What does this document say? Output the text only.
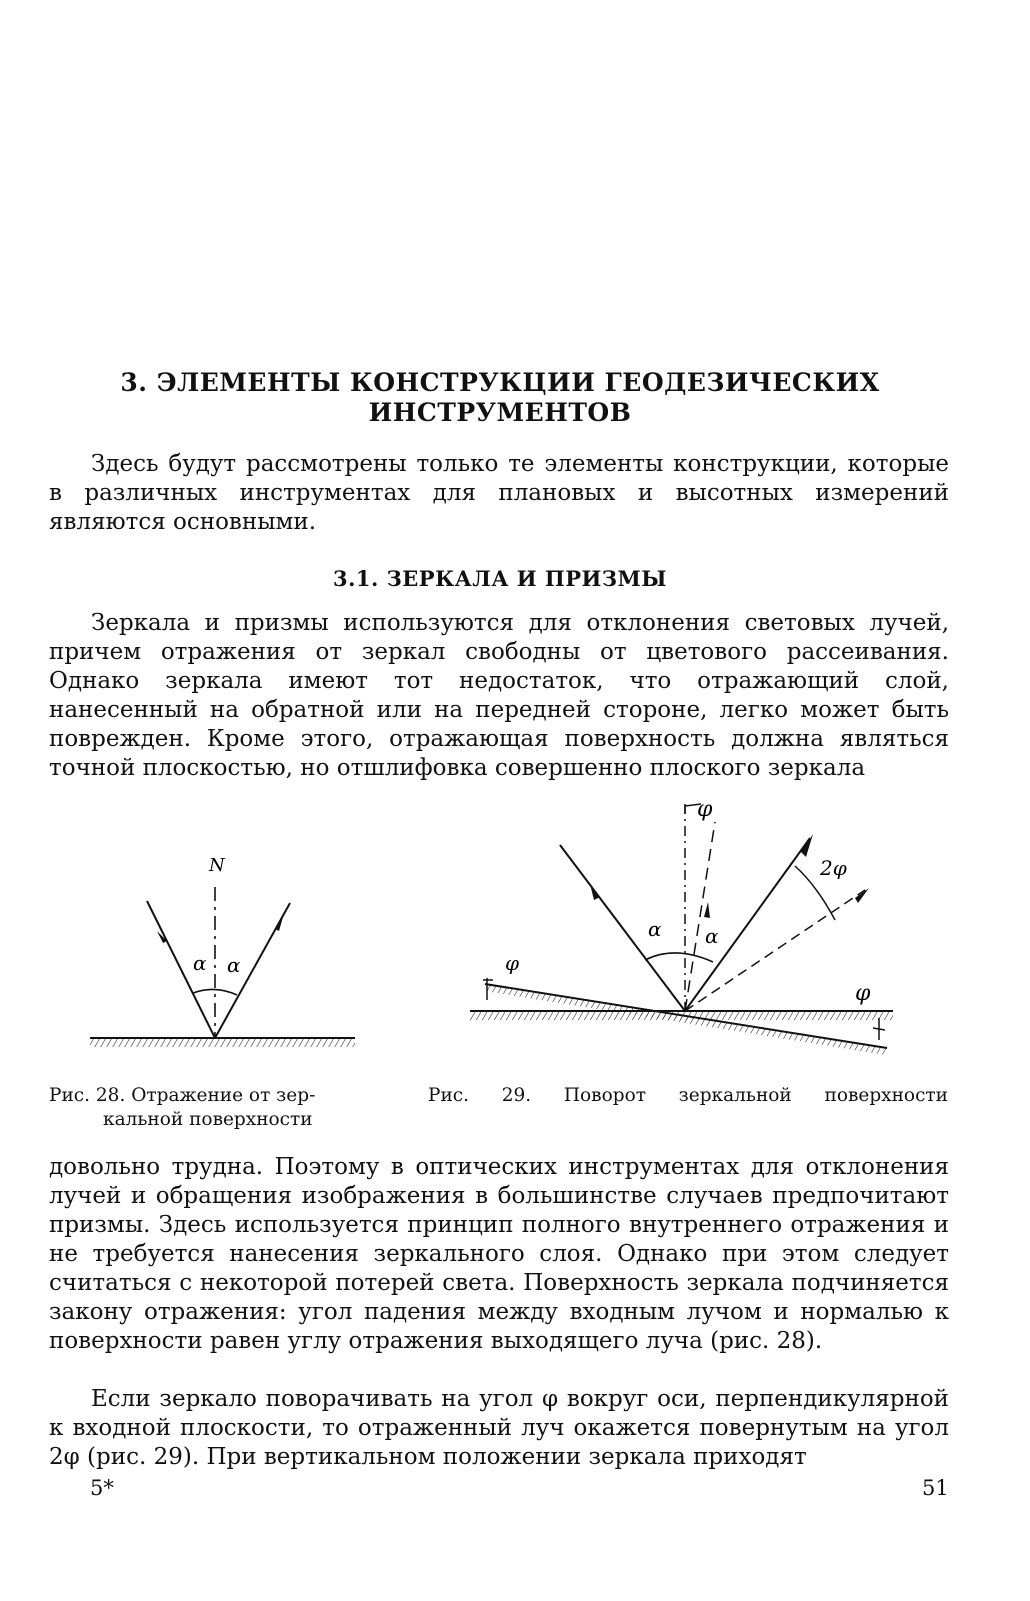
3. ЭЛЕМЕНТЫ КОНСТРУКЦИИ ГЕОДЕЗИЧЕСКИХ
ИНСТРУМЕНТОВ
Здесь будут рассмотрены только те элементы конструкции, которые в различных инструментах для плановых и высотных измерений являются основными.
3.1. ЗЕРКАЛА И ПРИЗМЫ
Зеркала и призмы используются для отклонения световых лучей, причем отражения от зеркал свободны от цветового рассеивания. Однако зеркала имеют тот недостаток, что отражающий слой, нанесенный на обратной или на передней стороне, легко может быть поврежден. Кроме этого, отражающая поверхность должна являться точной плоскостью, но отшлифовка совершенно плоского зеркала
N
α α
Рис. 28. Отражение от зер-
кальной поверхности
φ
α α
2φ
φ
φ
Рис. 29. Поворот зеркальной поверхности
довольно трудна. Поэтому в оптических инструментах для отклонения лучей и обращения изображения в большинстве случаев предпочитают призмы. Здесь используется принцип полного внутреннего отражения и не требуется нанесения зеркального слоя. Однако при этом следует считаться с некоторой потерей света. Поверхность зеркала подчиняется закону отражения: угол падения между входным лучом и нормалью к поверхности равен углу отражения выходящего луча (рис. 28).
Если зеркало поворачивать на угол φ вокруг оси, перпендикулярной к входной плоскости, то отраженный луч окажется повернутым на угол 2φ (рис. 29). При вертикальном положении зеркала приходят
5*	51
